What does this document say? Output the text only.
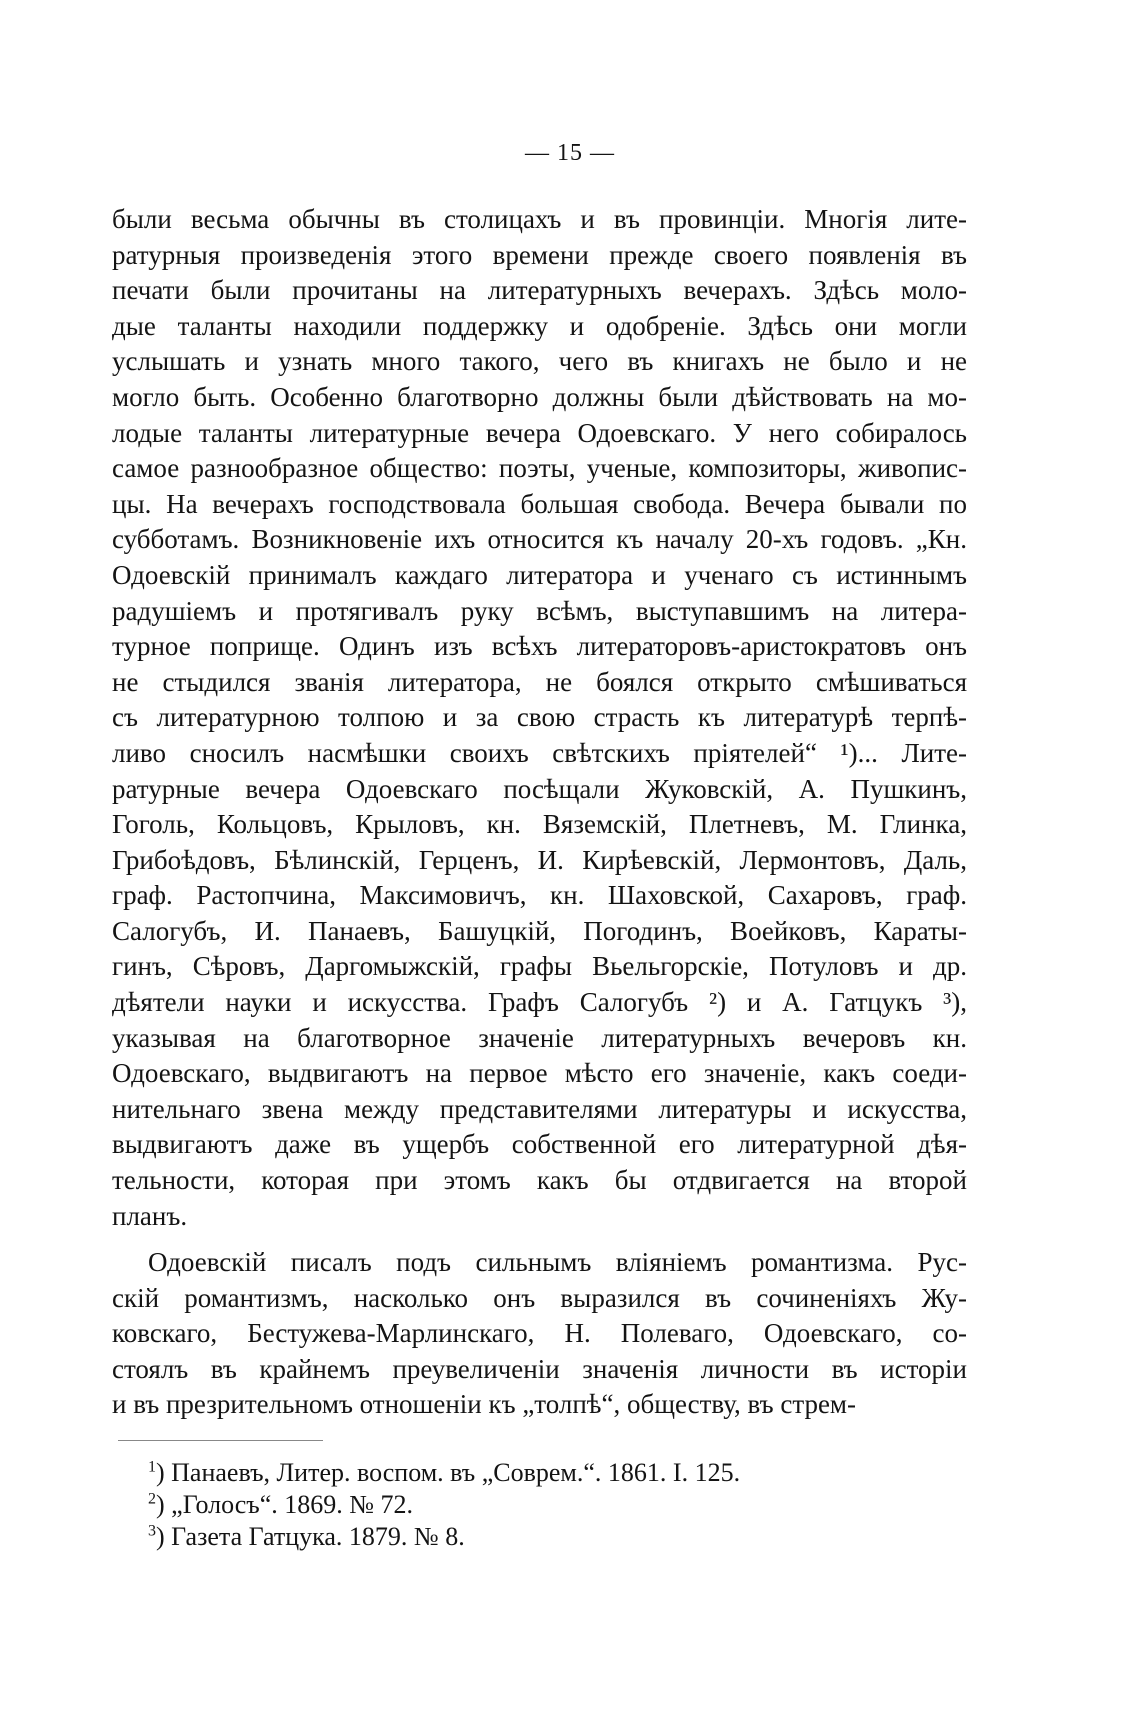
— 15 —
были весьма обычны въ столицахъ и въ провинціи. Многія лите-
ратурныя произведенія этого времени прежде своего появленія въ
печати были прочитаны на литературныхъ вечерахъ. Здѣсь моло-
дые таланты находили поддержку и одобреніе. Здѣсь они могли
услышать и узнать много такого, чего въ книгахъ не было и не
могло быть. Особенно благотворно должны были дѣйствовать на мо-
лодые таланты литературные вечера Одоевскаго. У него собиралось
самое разнообразное общество: поэты, ученые, композиторы, живопис-
цы. На вечерахъ господствовала большая свобода. Вечера бывали по
субботамъ. Возникновеніе ихъ относится къ началу 20-хъ годовъ. „Кн.
Одоевскій принималъ каждаго литератора и ученаго съ истиннымъ
радушіемъ и протягивалъ руку всѣмъ, выступавшимъ на литера-
турное поприще. Одинъ изъ всѣхъ литераторовъ-аристократовъ онъ
не стыдился званія литератора, не боялся открыто смѣшиваться
съ литературною толпою и за свою страсть къ литературѣ терпѣ-
ливо сносилъ насмѣшки своихъ свѣтскихъ пріятелей“ ¹)... Лите-
ратурные вечера Одоевскаго посѣщали Жуковскій, А. Пушкинъ,
Гоголь, Кольцовъ, Крыловъ, кн. Вяземскій, Плетневъ, М. Глинка,
Грибоѣдовъ, Бѣлинскій, Герценъ, И. Кирѣевскій, Лермонтовъ, Даль,
граф. Растопчина, Максимовичъ, кн. Шаховской, Сахаровъ, граф.
Салогубъ, И. Панаевъ, Башуцкій, Погодинъ, Воейковъ, Караты-
гинъ, Сѣровъ, Даргомыжскій, графы Вьельгорскіе, Потуловъ и др.
дѣятели науки и искусства. Графъ Салогубъ ²) и А. Гатцукъ ³),
указывая на благотворное значеніе литературныхъ вечеровъ кн.
Одоевскаго, выдвигаютъ на первое мѣсто его значеніе, какъ соеди-
нительнаго звена между представителями литературы и искусства,
выдвигаютъ даже въ ущербъ собственной его литературной дѣя-
тельности, которая при этомъ какъ бы отдвигается на второй
планъ.
Одоевскій писалъ подъ сильнымъ вліяніемъ романтизма. Рус-
скій романтизмъ, насколько онъ выразился въ сочиненіяхъ Жу-
ковскаго, Бестужева-Марлинскаго, Н. Полеваго, Одоевскаго, со-
стоялъ въ крайнемъ преувеличеніи значенія личности въ исторіи
и въ презрительномъ отношеніи къ „толпѣ“, обществу, въ стрем-
$^1$) Панаевъ, Литер. воспом. въ „Соврем.“. 1861. I. 125.
$^2$) „Голосъ“. 1869. № 72.
$^3$) Газета Гатцука. 1879. № 8.
